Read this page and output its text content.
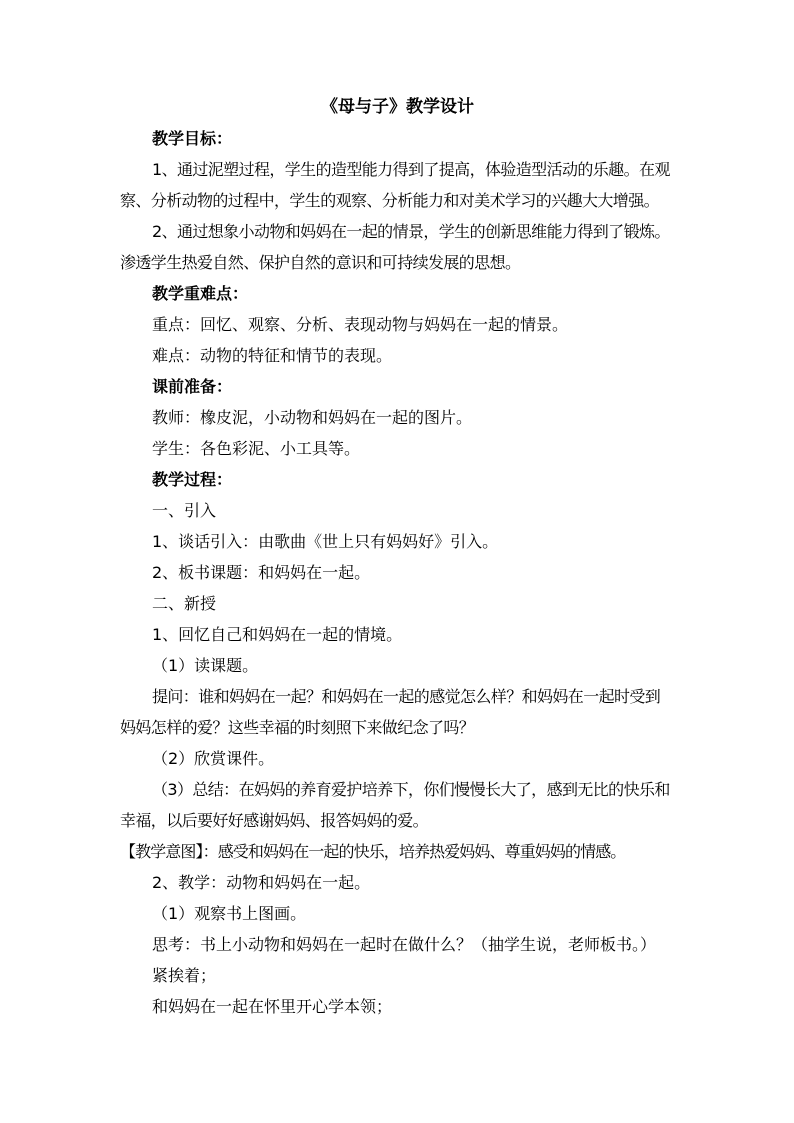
《母与子》教学设计

教学目标：

1、通过泥塑过程，学生的造型能力得到了提高，体验造型活动的乐趣。在观察、分析动物的过程中，学生的观察、分析能力和对美术学习的兴趣大大增强。

2、通过想象小动物和妈妈在一起的情景，学生的创新思维能力得到了锻炼。渗透学生热爱自然、保护自然的意识和可持续发展的思想。

教学重难点：

重点：回忆、观察、分析、表现动物与妈妈在一起的情景。

难点：动物的特征和情节的表现。

课前准备：

教师：橡皮泥，小动物和妈妈在一起的图片。

学生：各色彩泥、小工具等。

教学过程：

一、引入

1、谈话引入：由歌曲《世上只有妈妈好》引入。

2、板书课题：和妈妈在一起。

二、新授

1、回忆自己和妈妈在一起的情境。

（1）读课题。

提问：谁和妈妈在一起？和妈妈在一起的感觉怎么样？和妈妈在一起时受到妈妈怎样的爱？这些幸福的时刻照下来做纪念了吗？

（2）欣赏课件。

（3）总结：在妈妈的养育爱护培养下，你们慢慢长大了，感到无比的快乐和幸福，以后要好好感谢妈妈、报答妈妈的爱。

【教学意图】：感受和妈妈在一起的快乐，培养热爱妈妈、尊重妈妈的情感。

2、教学：动物和妈妈在一起。

（1）观察书上图画。

思考：书上小动物和妈妈在一起时在做什么？（抽学生说，老师板书。）

紧挨着；

和妈妈在一起在怀里开心学本领；
